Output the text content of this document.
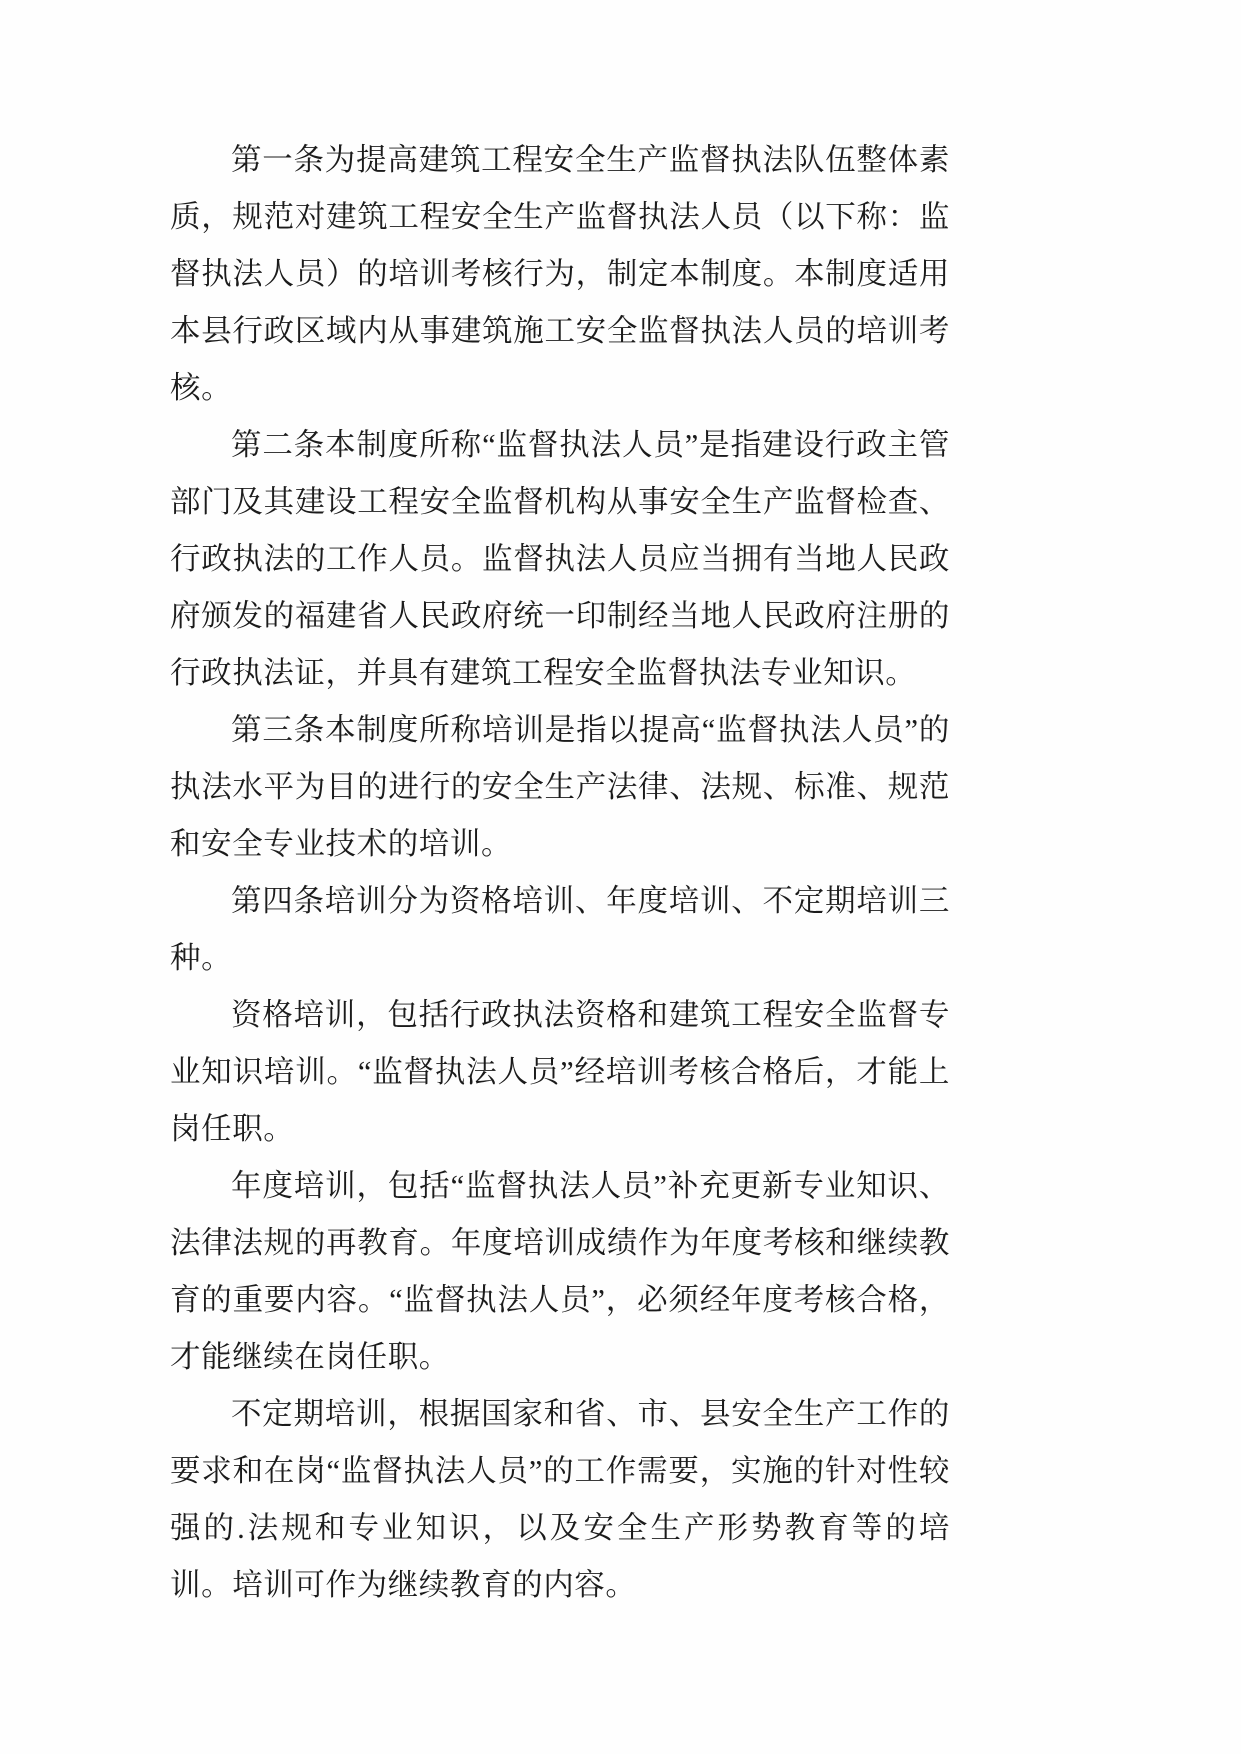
第一条为提高建筑工程安全生产监督执法队伍整体素质，规范对建筑工程安全生产监督执法人员（以下称：监督执法人员）的培训考核行为，制定本制度。本制度适用本县行政区域内从事建筑施工安全监督执法人员的培训考核。

第二条本制度所称“监督执法人员”是指建设行政主管部门及其建设工程安全监督机构从事安全生产监督检查、行政执法的工作人员。监督执法人员应当拥有当地人民政府颁发的福建省人民政府统一印制经当地人民政府注册的行政执法证，并具有建筑工程安全监督执法专业知识。

第三条本制度所称培训是指以提高“监督执法人员”的执法水平为目的进行的安全生产法律、法规、标准、规范和安全专业技术的培训。

第四条培训分为资格培训、年度培训、不定期培训三种。

资格培训，包括行政执法资格和建筑工程安全监督专业知识培训。“监督执法人员”经培训考核合格后，才能上岗任职。

年度培训，包括“监督执法人员”补充更新专业知识、法律法规的再教育。年度培训成绩作为年度考核和继续教育的重要内容。“监督执法人员”，必须经年度考核合格，才能继续在岗任职。

不定期培训，根据国家和省、市、县安全生产工作的要求和在岗“监督执法人员”的工作需要，实施的针对性较强的.法规和专业知识，以及安全生产形势教育等的培训。培训可作为继续教育的内容。
